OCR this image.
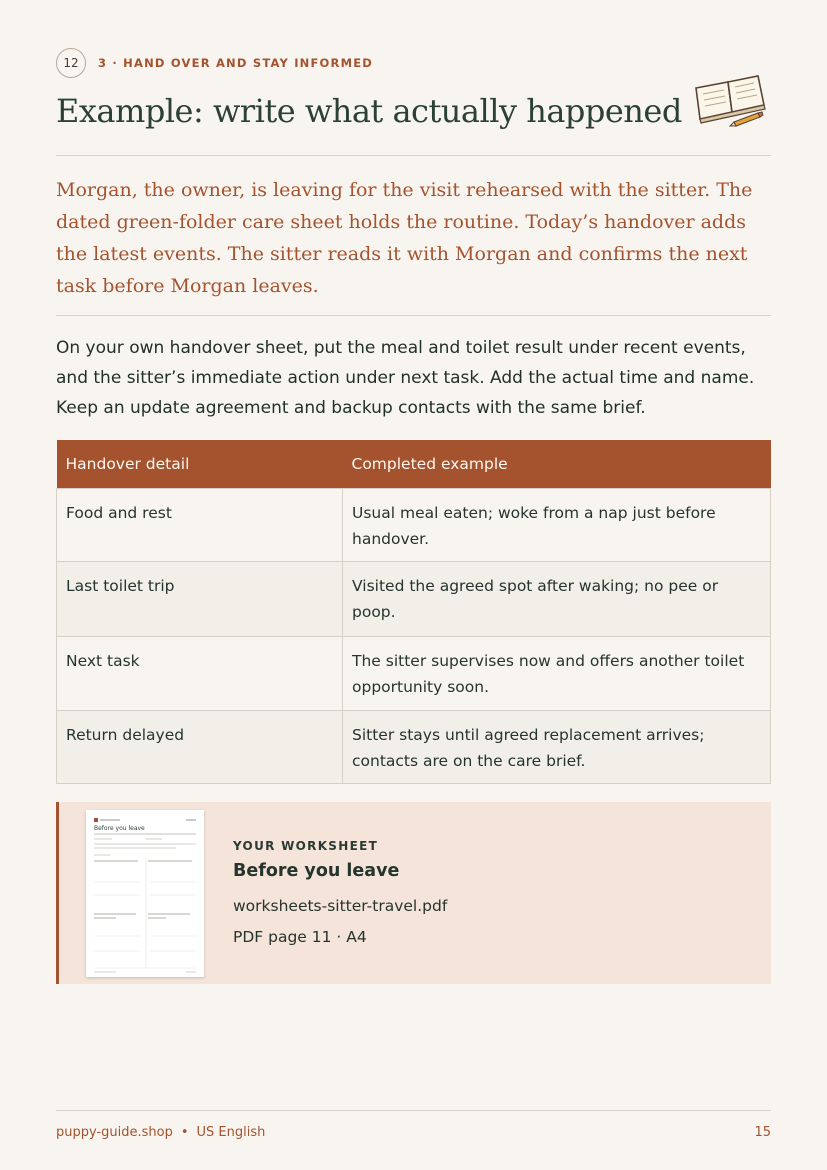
12	3 · HAND OVER AND STAY INFORMED
Example: write what actually happened

Morgan, the owner, is leaving for the visit rehearsed with the sitter. The dated green-folder care sheet holds the routine. Today’s handover adds the latest events. The sitter reads it with Morgan and confirms the next task before Morgan leaves.

On your own handover sheet, put the meal and toilet result under recent events, and the sitter’s immediate action under next task. Add the actual time and name. Keep an update agreement and backup contacts with the same brief.

Handover detail	Completed example
Food and rest	Usual meal eaten; woke from a nap just before handover.
Last toilet trip	Visited the agreed spot after waking; no pee or poop.
Next task	The sitter supervises now and offers another toilet opportunity soon.
Return delayed	Sitter stays until agreed replacement arrives; contacts are on the care brief.
Before you leave
YOUR WORKSHEET
Before you leave
worksheets-sitter-travel.pdf
PDF page 11 · A4
puppy-guide.shop • US English	15
